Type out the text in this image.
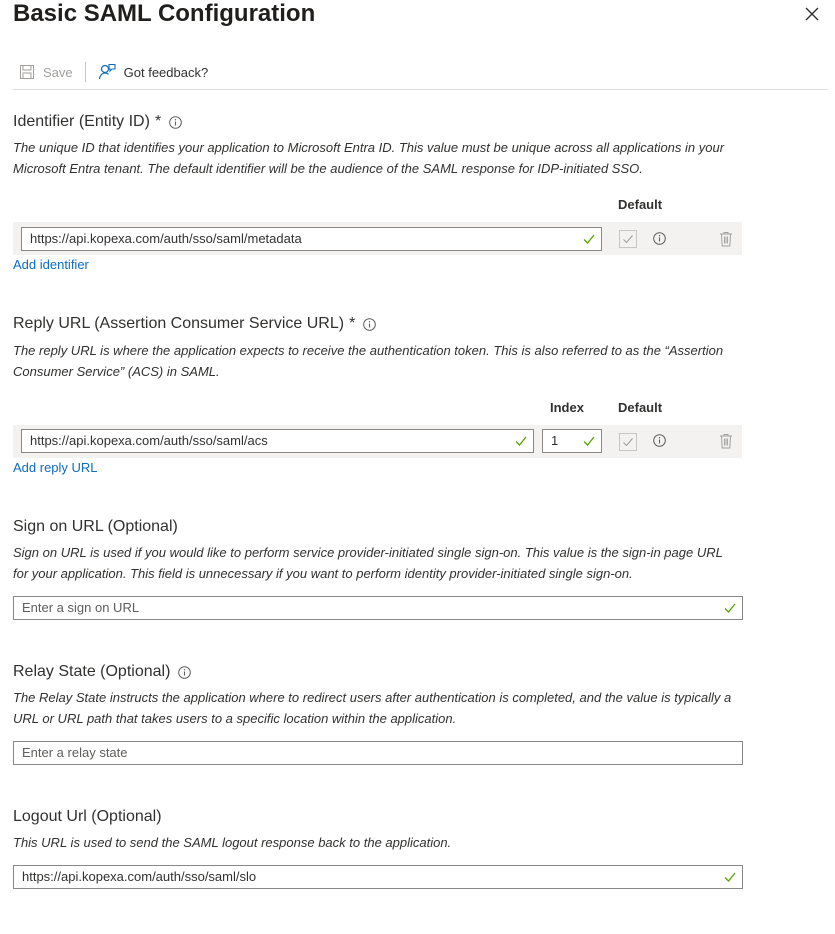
Basic SAML Configuration
Save	Got feedback?
Identifier (Entity ID) *
The unique ID that identifies your application to Microsoft Entra ID. This value must be unique across all applications in your Microsoft Entra tenant. The default identifier will be the audience of the SAML response for IDP-initiated SSO.
Default
https://api.kopexa.com/auth/sso/saml/metadata
Add identifier
Reply URL (Assertion Consumer Service URL) *
The reply URL is where the application expects to receive the authentication token. This is also referred to as the “Assertion Consumer Service” (ACS) in SAML.
Index	Default
https://api.kopexa.com/auth/sso/saml/acs	1
Add reply URL
Sign on URL (Optional)
Sign on URL is used if you would like to perform service provider-initiated single sign-on. This value is the sign-in page URL for your application. This field is unnecessary if you want to perform identity provider-initiated single sign-on.
Enter a sign on URL
Relay State (Optional)
The Relay State instructs the application where to redirect users after authentication is completed, and the value is typically a URL or URL path that takes users to a specific location within the application.
Enter a relay state
Logout Url (Optional)
This URL is used to send the SAML logout response back to the application.
https://api.kopexa.com/auth/sso/saml/slo
